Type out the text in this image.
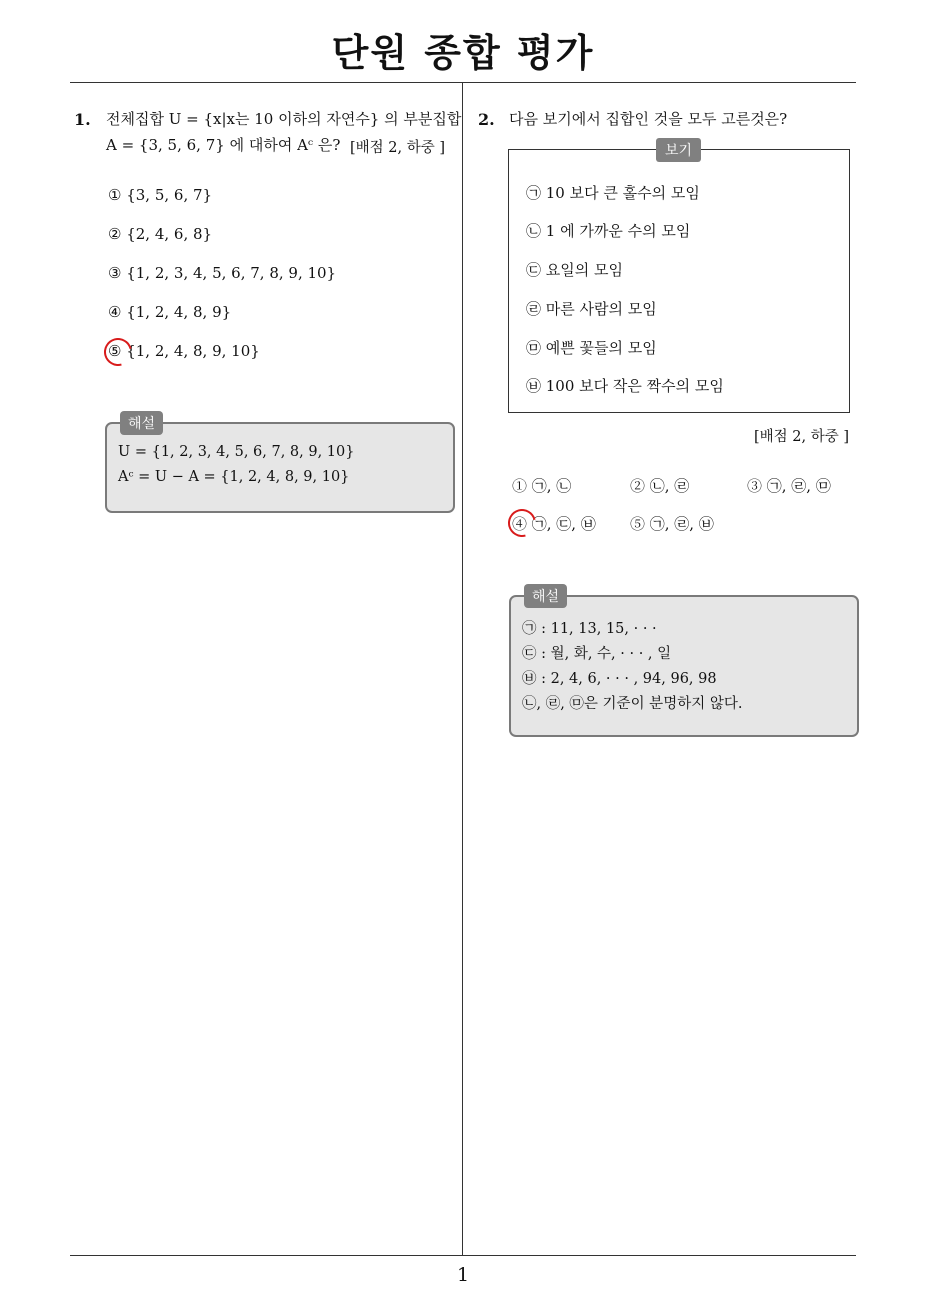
단원 종합 평가
1. 전체집합 U = {x|x는 10 이하의 자연수} 의 부분집합
A = {3, 5, 6, 7} 에 대하여 Aᶜ 은? [배점 2, 하중 ]
① {3, 5, 6, 7}
② {2, 4, 6, 8}
③ {1, 2, 3, 4, 5, 6, 7, 8, 9, 10}
④ {1, 2, 4, 8, 9}
⑤ {1, 2, 4, 8, 9, 10}
해설
U = {1, 2, 3, 4, 5, 6, 7, 8, 9, 10}
Aᶜ = U − A = {1, 2, 4, 8, 9, 10}
2. 다음 보기에서 집합인 것을 모두 고른것은?
보기
㉠ 10 보다 큰 홀수의 모임
㉡ 1 에 가까운 수의 모임
㉢ 요일의 모임
㉣ 마른 사람의 모임
㉤ 예쁜 꽃들의 모임
㉥ 100 보다 작은 짝수의 모임
[배점 2, 하중 ]
① ㉠, ㉡	② ㉡, ㉣	③ ㉠, ㉣, ㉤
④ ㉠, ㉢, ㉥ ⑤ ㉠, ㉣, ㉥
해설
㉠ : 11, 13, 15, · · ·
㉢ : 월, 화, 수, · · · , 일
㉥ : 2, 4, 6, · · · , 94, 96, 98
㉡, ㉣, ㉤은 기준이 분명하지 않다.
1
